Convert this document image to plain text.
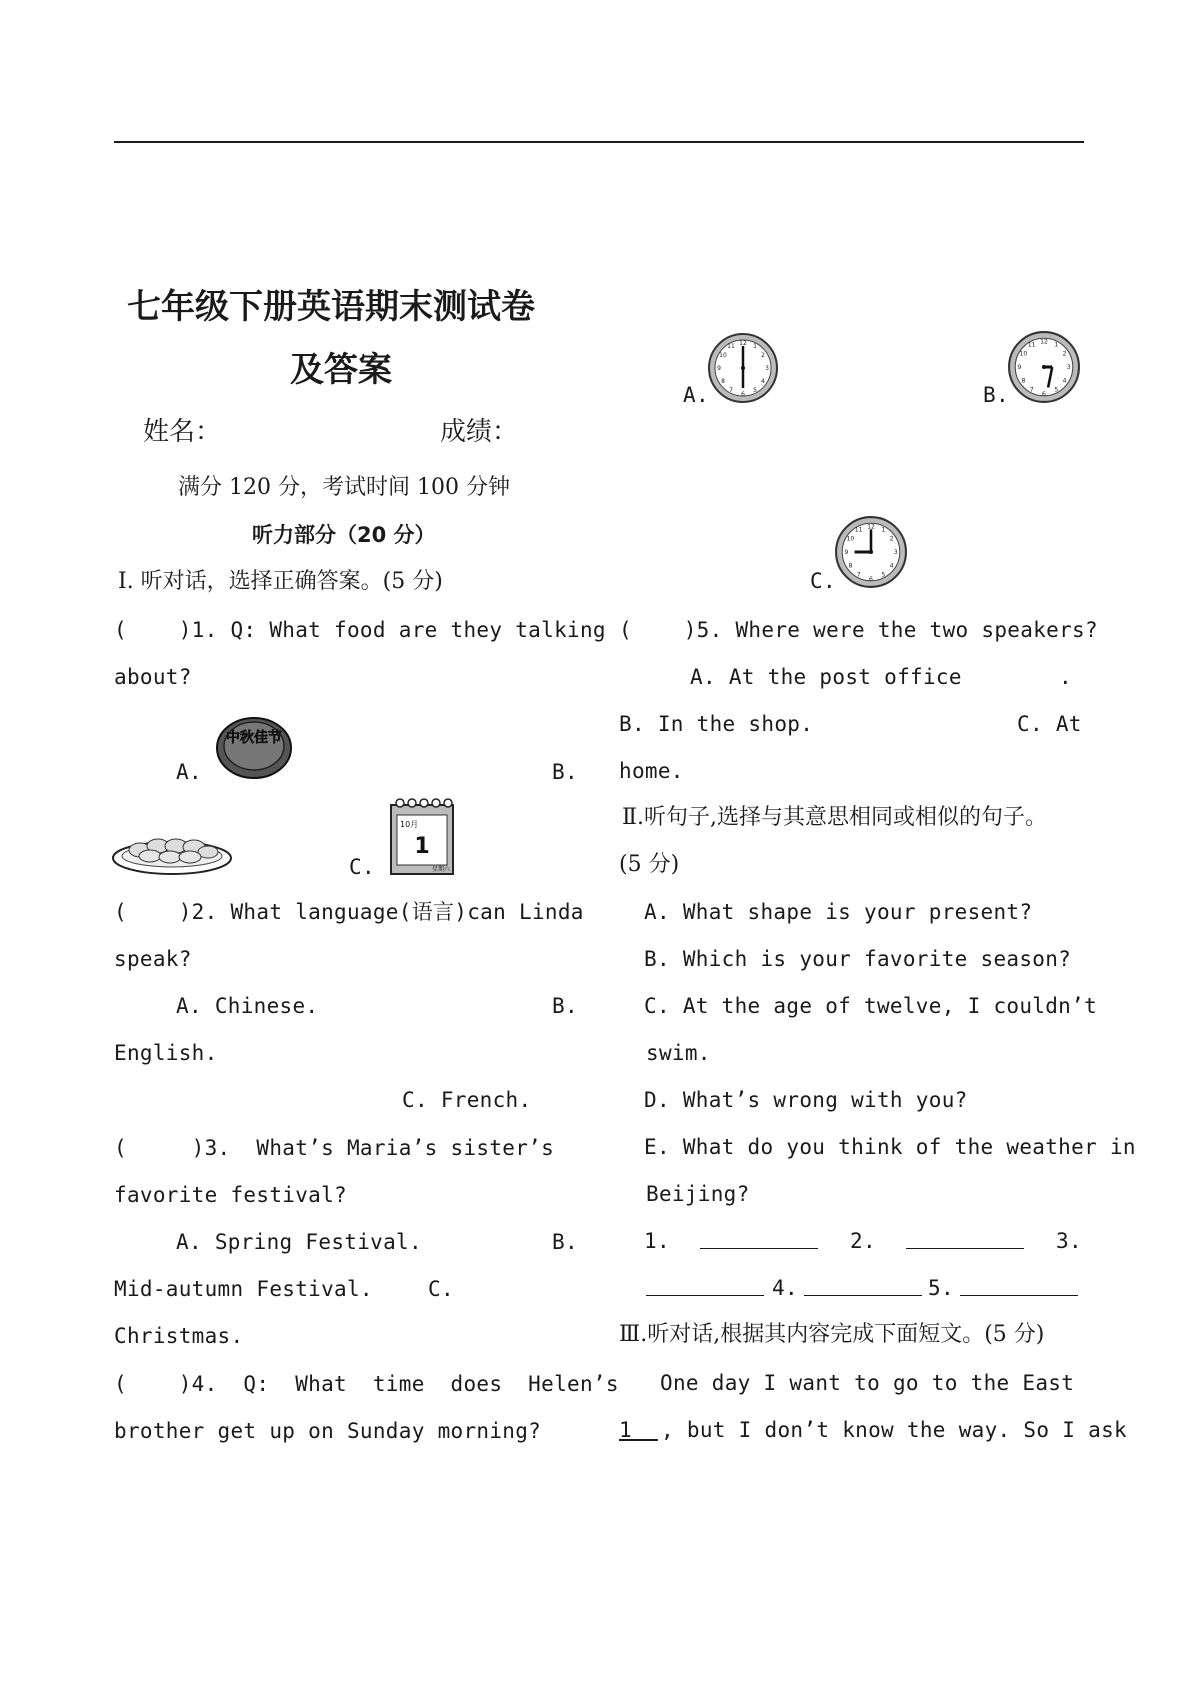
七年级下册英语期末测试卷
及答案
姓名：	成绩：
满分 120 分，考试时间 100 分钟
听力部分（20 分）
Ⅰ. 听对话，选择正确答案。(5 分)
(    )1. Q: What food are they talking
about?
A.
中秋佳节
B.
C.
10月
1
星期六
(    )2. What language(语言)can Linda
speak?
A. Chinese.	B.
English.
C. French.
(     )3.  What’s Maria’s sister’s
favorite festival?
A. Spring Festival.	B.
Mid-autumn Festival.	C.
Christmas.
(    )4.  Q:  What  time  does  Helen’s
brother get up on Sunday morning?
A.
12 1
2
3
4
5
6
7
8
9
10
11
B.
12 1
2
3
4
5
6
7
8
9
10
11
C.
12 1
2
3
4
5
6
7
8
9
10
11
(    )5. Where were the two speakers?
A. At the post office	.
B. In the shop.	C. At
home.
Ⅱ.听句子,选择与其意思相同或相似的句子。
(5 分)
A. What shape is your present?
B. Which is your favorite season?
C. At the age of twelve, I couldn’t
swim.
D. What’s wrong with you?
E. What do you think of the weather in
Beijing?
1.	2.	3.
4.	5.
Ⅲ.听对话,根据其内容完成下面短文。(5 分)
One day I want to go to the East
1 , but I don’t know the way. So I ask
